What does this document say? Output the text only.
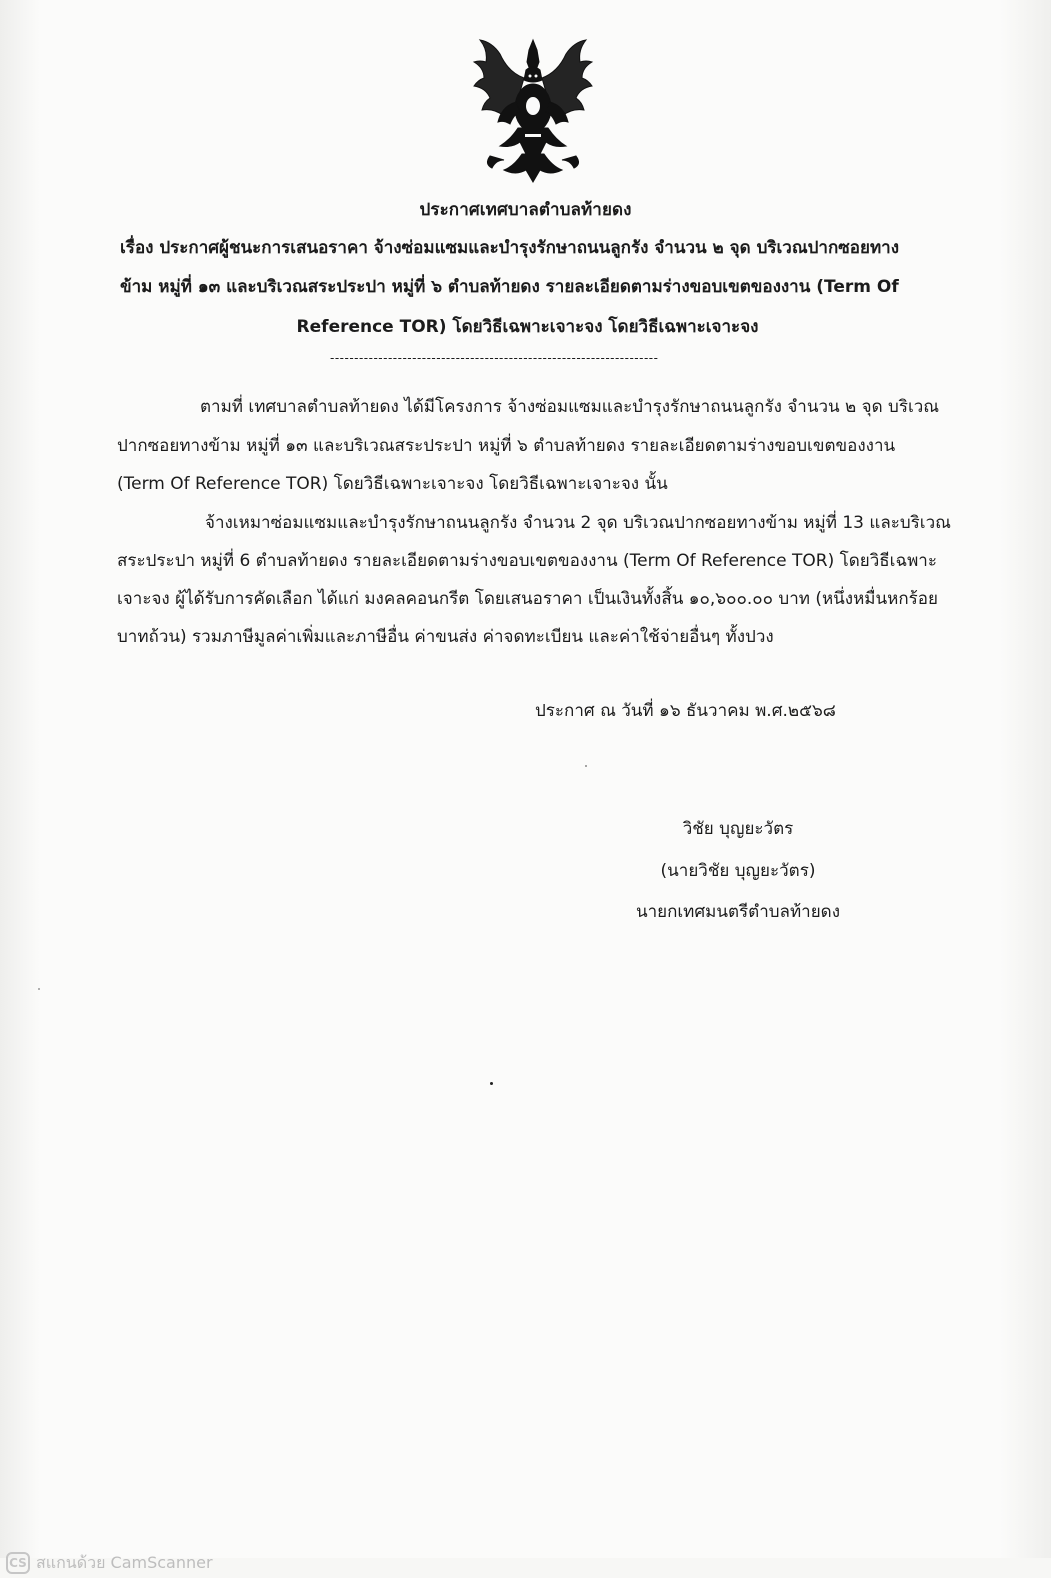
ประกาศเทศบาลตำบลท้ายดง
เรื่อง ประกาศผู้ชนะการเสนอราคา จ้างซ่อมแซมและบำรุงรักษาถนนลูกรัง จำนวน ๒ จุด บริเวณปากซอยทาง
ข้าม หมู่ที่ ๑๓ และบริเวณสระประปา หมู่ที่ ๖ ตำบลท้ายดง รายละเอียดตามร่างขอบเขตของงาน (Term Of
Reference TOR) โดยวิธีเฉพาะเจาะจง โดยวิธีเฉพาะเจาะจง
--------------------------------------------------------------------
ตามที่ เทศบาลตำบลท้ายดง ได้มีโครงการ จ้างซ่อมแซมและบำรุงรักษาถนนลูกรัง จำนวน ๒ จุด บริเวณ
ปากซอยทางข้าม หมู่ที่ ๑๓ และบริเวณสระประปา หมู่ที่ ๖ ตำบลท้ายดง รายละเอียดตามร่างขอบเขตของงาน
(Term Of Reference TOR) โดยวิธีเฉพาะเจาะจง โดยวิธีเฉพาะเจาะจง นั้น
จ้างเหมาซ่อมแซมและบำรุงรักษาถนนลูกรัง จำนวน 2 จุด บริเวณปากซอยทางข้าม หมู่ที่ 13 และบริเวณ
สระประปา หมู่ที่ 6 ตำบลท้ายดง รายละเอียดตามร่างขอบเขตของงาน (Term Of Reference TOR) โดยวิธีเฉพาะ
เจาะจง ผู้ได้รับการคัดเลือก ได้แก่ มงคลคอนกรีต โดยเสนอราคา เป็นเงินทั้งสิ้น ๑๐,๖๐๐.๐๐ บาท (หนึ่งหมื่นหกร้อย
บาทถ้วน) รวมภาษีมูลค่าเพิ่มและภาษีอื่น ค่าขนส่ง ค่าจดทะเบียน และค่าใช้จ่ายอื่นๆ ทั้งปวง
ประกาศ ณ วันที่ ๑๖ ธันวาคม พ.ศ.๒๕๖๘
วิชัย บุญยะวัตร
(นายวิชัย บุญยะวัตร)
นายกเทศมนตรีตำบลท้ายดง
CS สแกนด้วย CamScanner
